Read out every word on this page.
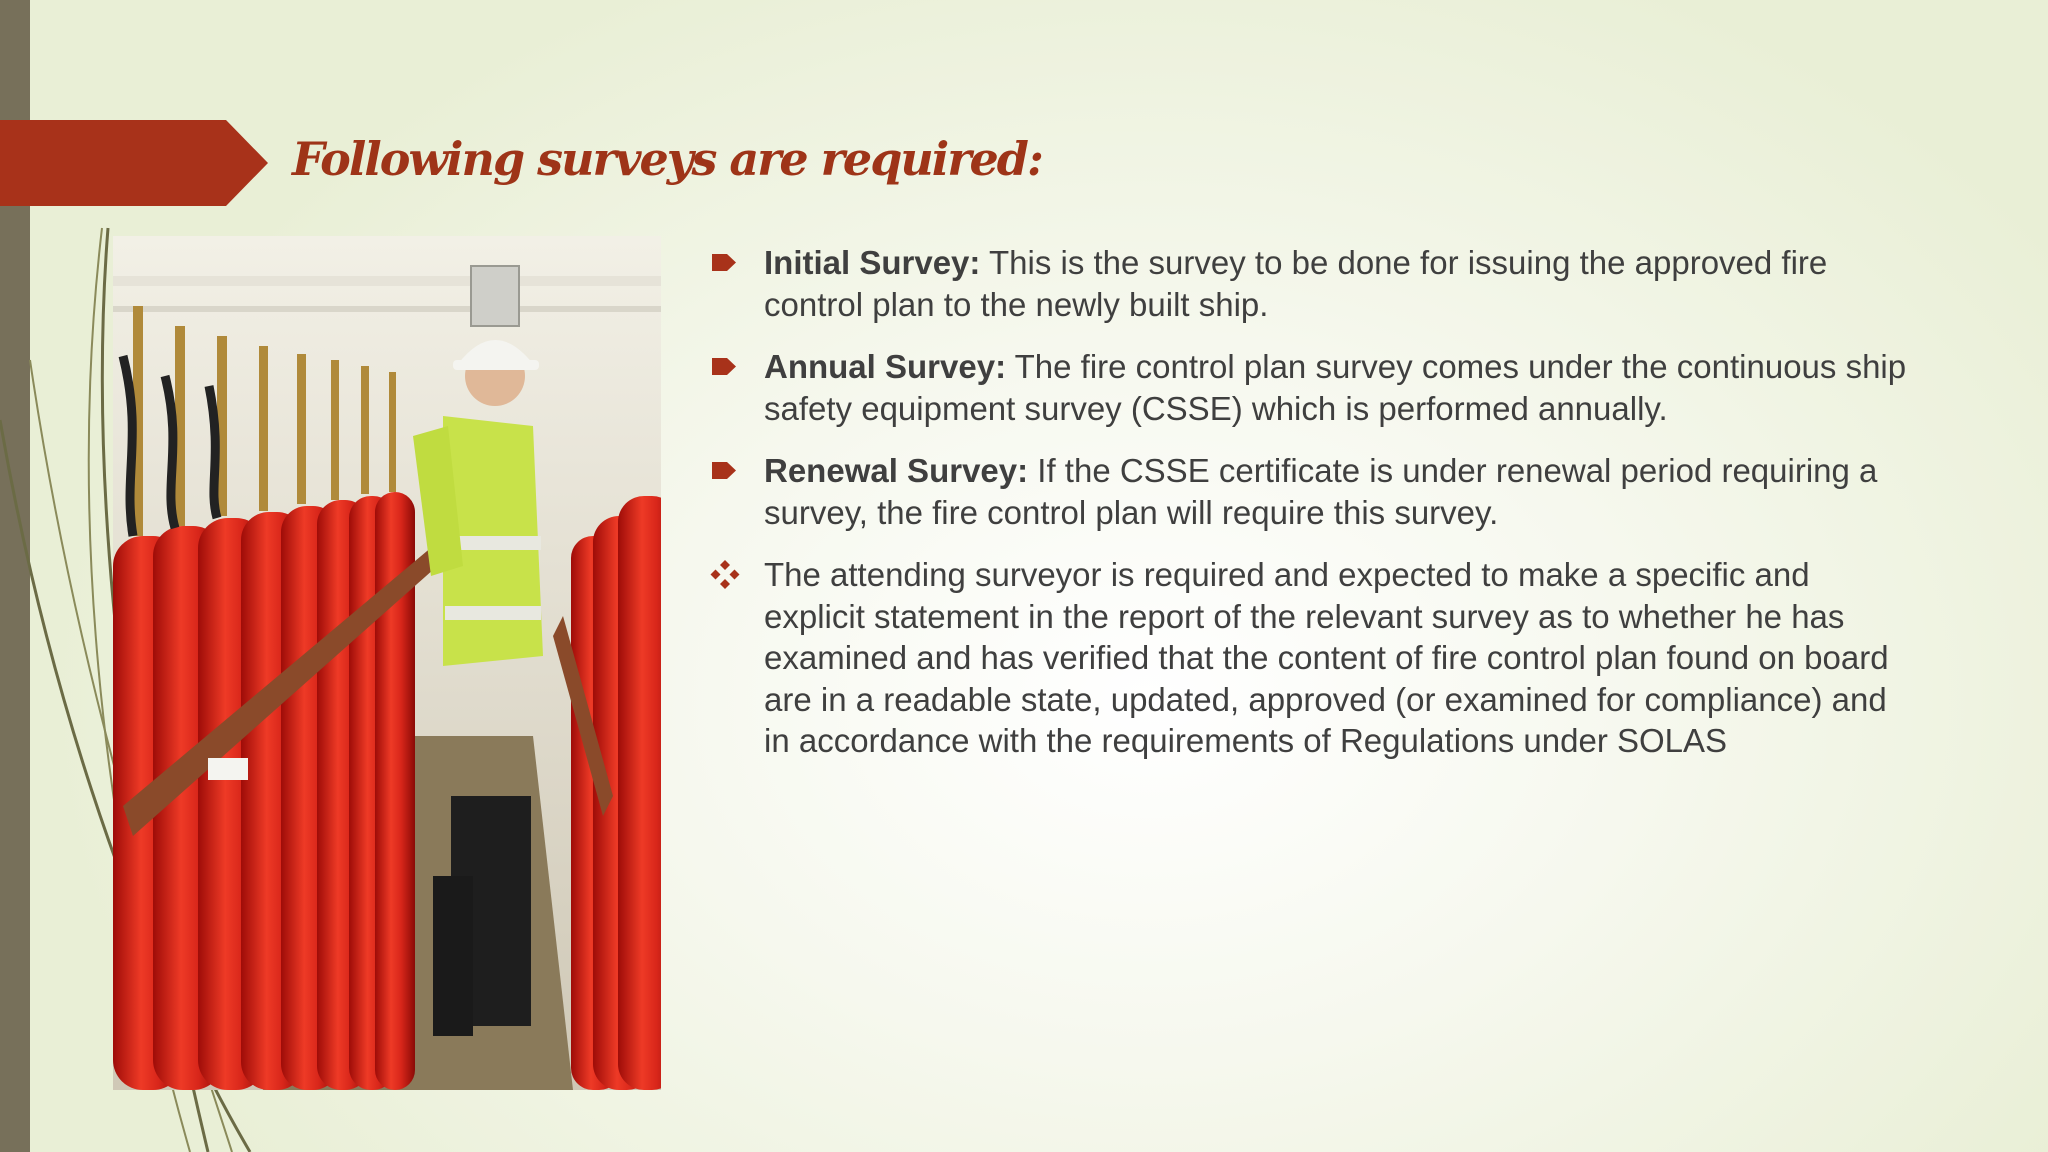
Following surveys are required:
Initial Survey: This is the survey to be done for issuing the approved fire control plan to the newly built ship.
Annual Survey: The fire control plan survey comes under the continuous ship safety equipment survey (CSSE) which is performed annually.
Renewal Survey: If the CSSE certificate is under renewal period requiring a survey, the fire control plan will require this survey.
The attending surveyor is required and expected to make a specific and explicit statement in the report of the relevant survey as to whether he has examined and has verified that the content of fire control plan found on board are in a readable state, updated, approved (or examined for compliance) and in accordance with the requirements of Regulations under SOLAS
